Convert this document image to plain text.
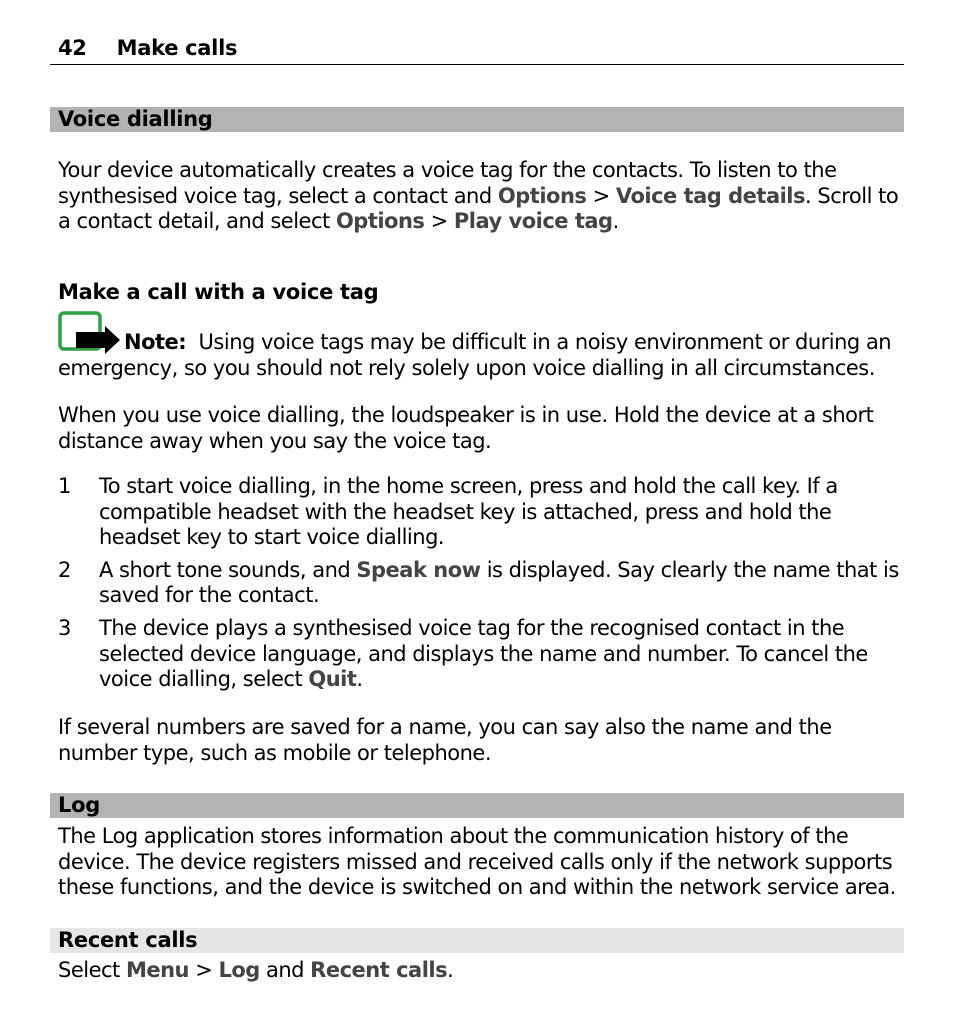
42 Make calls
Voice dialling

Your device automatically creates a voice tag for the contacts. To listen to the synthesised voice tag, select a contact and Options > Voice tag details. Scroll to a contact detail, and select Options > Play voice tag.

Make a call with a voice tag

Note: Using voice tags may be difficult in a noisy environment or during an emergency, so you should not rely solely upon voice dialling in all circumstances.

When you use voice dialling, the loudspeaker is in use. Hold the device at a short distance away when you say the voice tag.

1 To start voice dialling, in the home screen, press and hold the call key. If a compatible headset with the headset key is attached, press and hold the headset key to start voice dialling.
2 A short tone sounds, and Speak now is displayed. Say clearly the name that is saved for the contact.
3 The device plays a synthesised voice tag for the recognised contact in the selected device language, and displays the name and number. To cancel the voice dialling, select Quit.

If several numbers are saved for a name, you can say also the name and the number type, such as mobile or telephone.

Log

The Log application stores information about the communication history of the device. The device registers missed and received calls only if the network supports these functions, and the device is switched on and within the network service area.

Recent calls

Select Menu > Log and Recent calls.
